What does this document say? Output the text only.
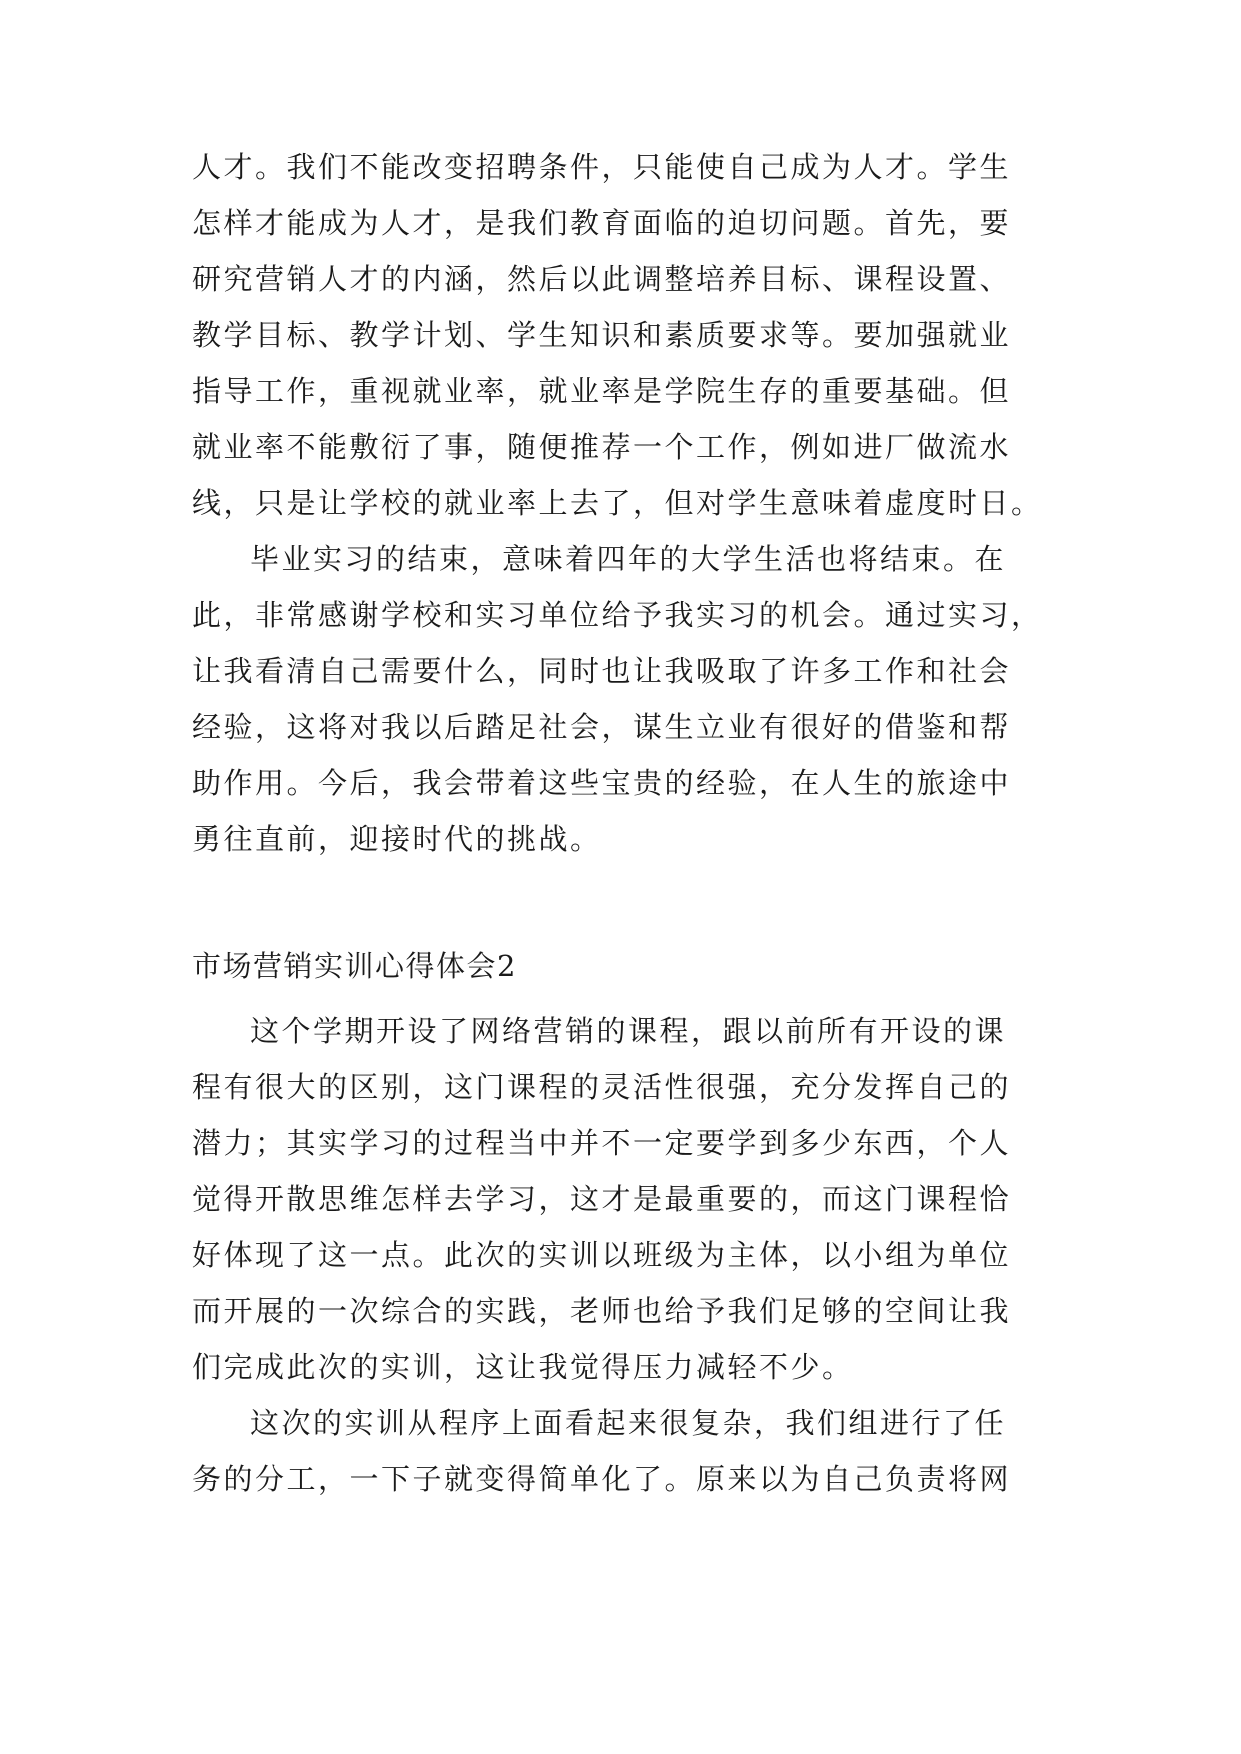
人才。我们不能改变招聘条件，只能使自己成为人才。学生
怎样才能成为人才，是我们教育面临的迫切问题。首先，要
研究营销人才的内涵，然后以此调整培养目标、课程设置、
教学目标、教学计划、学生知识和素质要求等。要加强就业
指导工作，重视就业率，就业率是学院生存的重要基础。但
就业率不能敷衍了事，随便推荐一个工作，例如进厂做流水
线，只是让学校的就业率上去了，但对学生意味着虚度时日。
毕业实习的结束，意味着四年的大学生活也将结束。在
此，非常感谢学校和实习单位给予我实习的机会。通过实习，
让我看清自己需要什么，同时也让我吸取了许多工作和社会
经验，这将对我以后踏足社会，谋生立业有很好的借鉴和帮
助作用。今后，我会带着这些宝贵的经验，在人生的旅途中
勇往直前，迎接时代的挑战。
市场营销实训心得体会2
这个学期开设了网络营销的课程，跟以前所有开设的课
程有很大的区别，这门课程的灵活性很强，充分发挥自己的
潜力；其实学习的过程当中并不一定要学到多少东西，个人
觉得开散思维怎样去学习，这才是最重要的，而这门课程恰
好体现了这一点。此次的实训以班级为主体，以小组为单位
而开展的一次综合的实践，老师也给予我们足够的空间让我
们完成此次的实训，这让我觉得压力减轻不少。
这次的实训从程序上面看起来很复杂，我们组进行了任
务的分工，一下子就变得简单化了。原来以为自己负责将网
